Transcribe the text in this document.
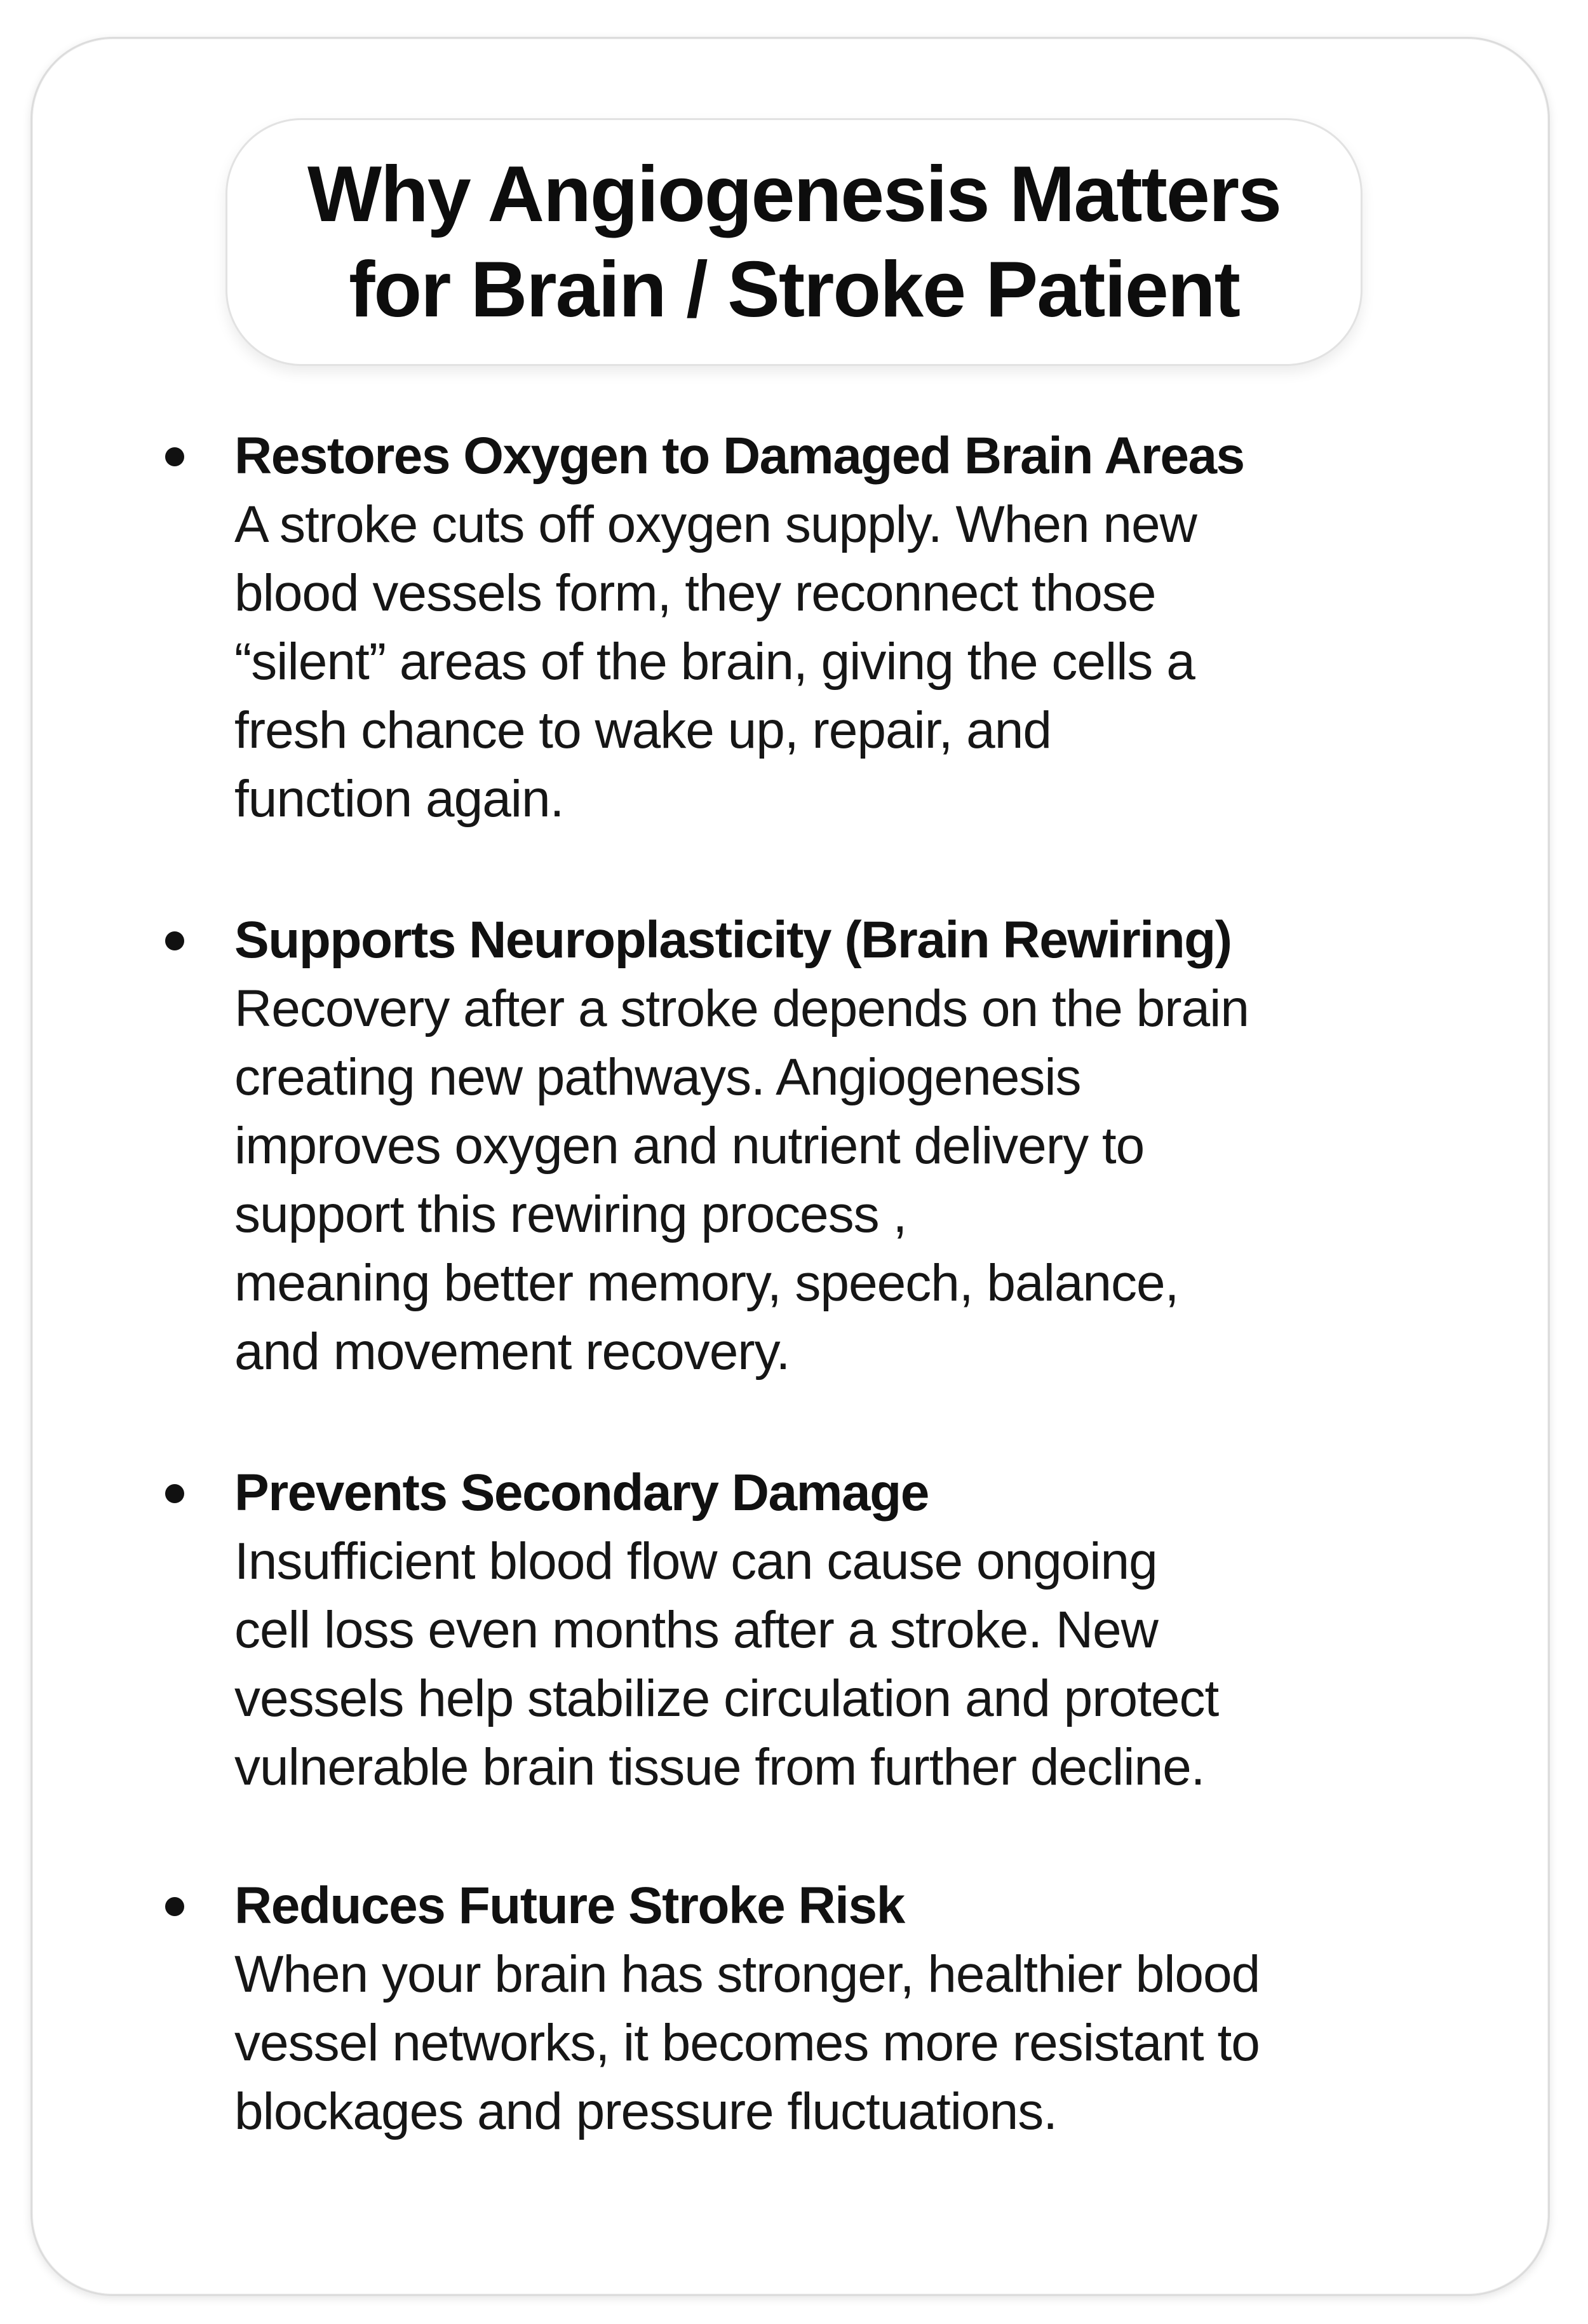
Why Angiogenesis Matters
for Brain / Stroke Patient
Restores Oxygen to Damaged Brain Areas
A stroke cuts off oxygen supply. When new
blood vessels form, they reconnect those
“silent” areas of the brain, giving the cells a
fresh chance to wake up, repair, and
function again.
Supports Neuroplasticity (Brain Rewiring)
Recovery after a stroke depends on the brain
creating new pathways. Angiogenesis
improves oxygen and nutrient delivery to
support this rewiring process ,
meaning better memory, speech, balance,
and movement recovery.
Prevents Secondary Damage
Insufficient blood flow can cause ongoing
cell loss even months after a stroke. New
vessels help stabilize circulation and protect
vulnerable brain tissue from further decline.
Reduces Future Stroke Risk
When your brain has stronger, healthier blood
vessel networks, it becomes more resistant to
blockages and pressure fluctuations.
